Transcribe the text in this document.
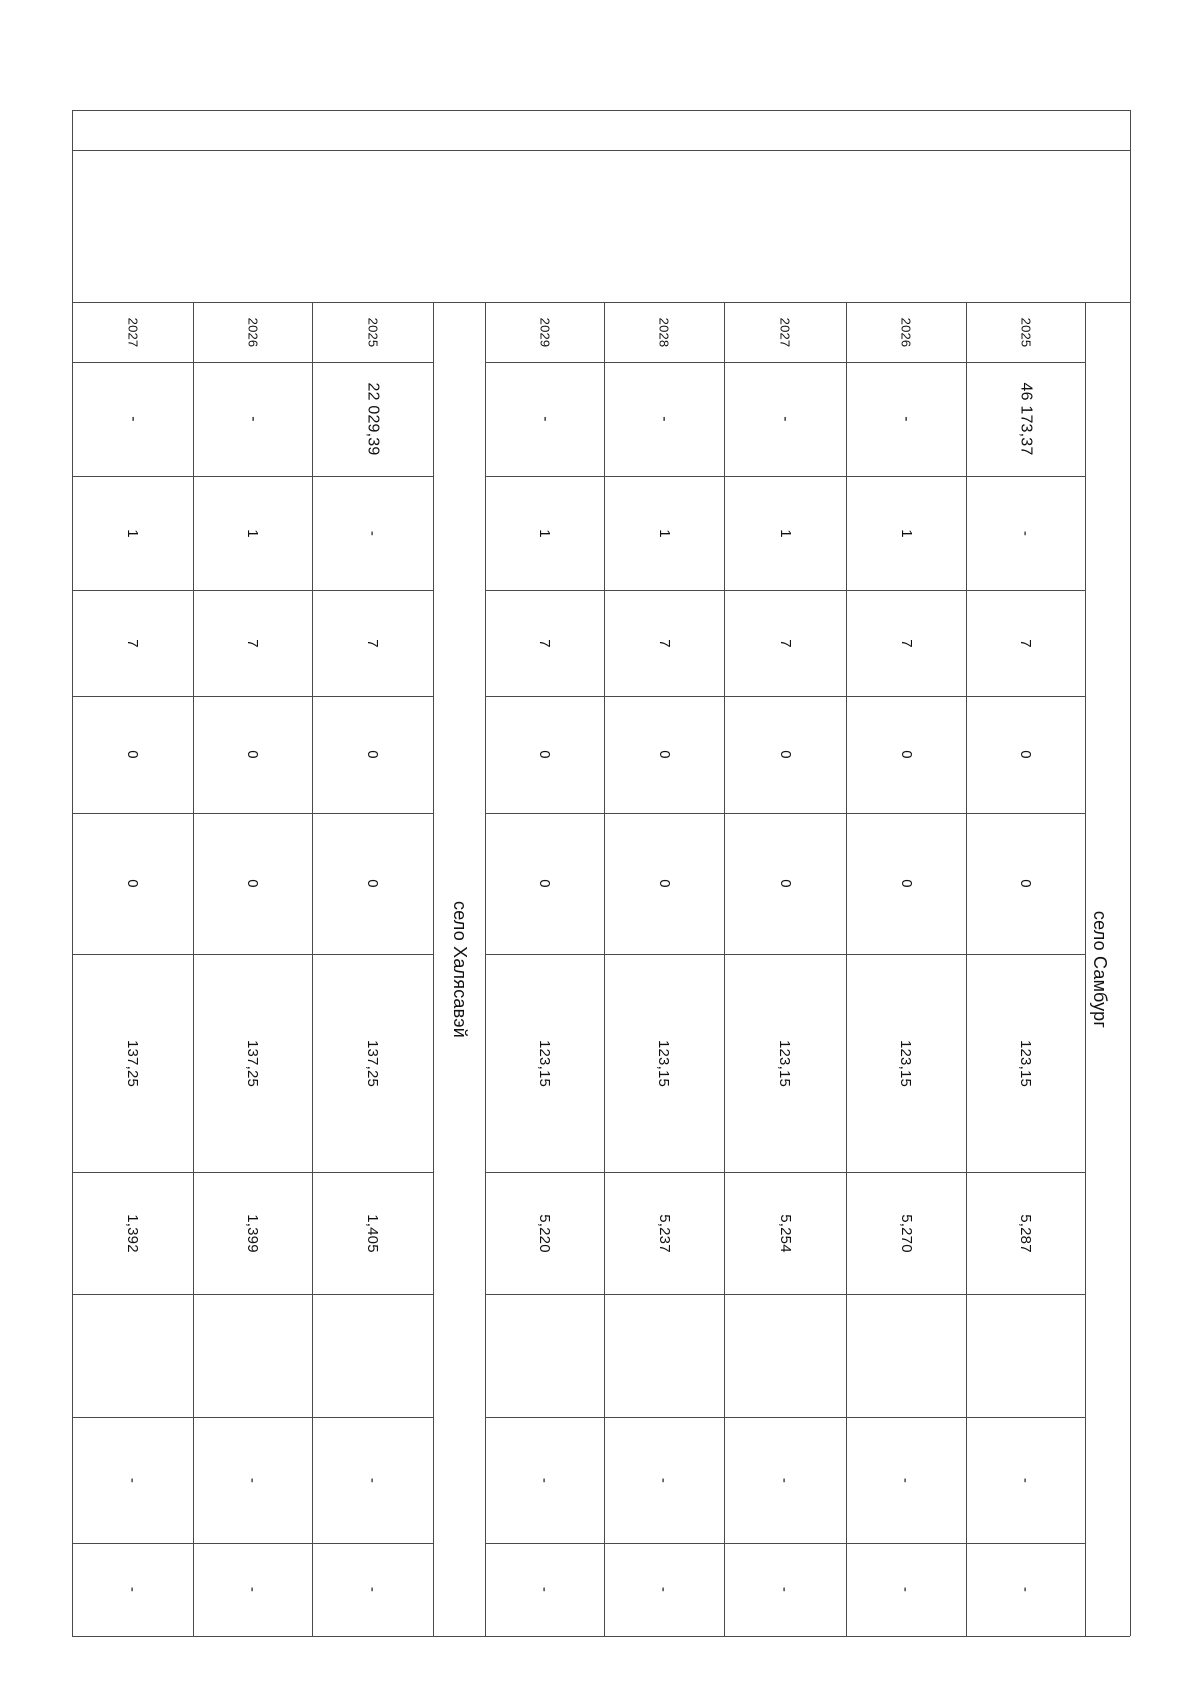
село Самбург
2025
46 173,37
-
7
0
0
123,15
5,287
-
-
2026
-
1
7
0
0
123,15
5,270
-
-
2027
-
1
7
0
0
123,15
5,254
-
-
2028
-
1
7
0
0
123,15
5,237
-
-
2029
-
1
7
0
0
123,15
5,220
-
-
село Халясавэй
2025
22 029,39
-
7
0
0
137,25
1,405
-
-
2026
-
1
7
0
0
137,25
1,399
-
-
2027
-
1
7
0
0
137,25
1,392
-
-
